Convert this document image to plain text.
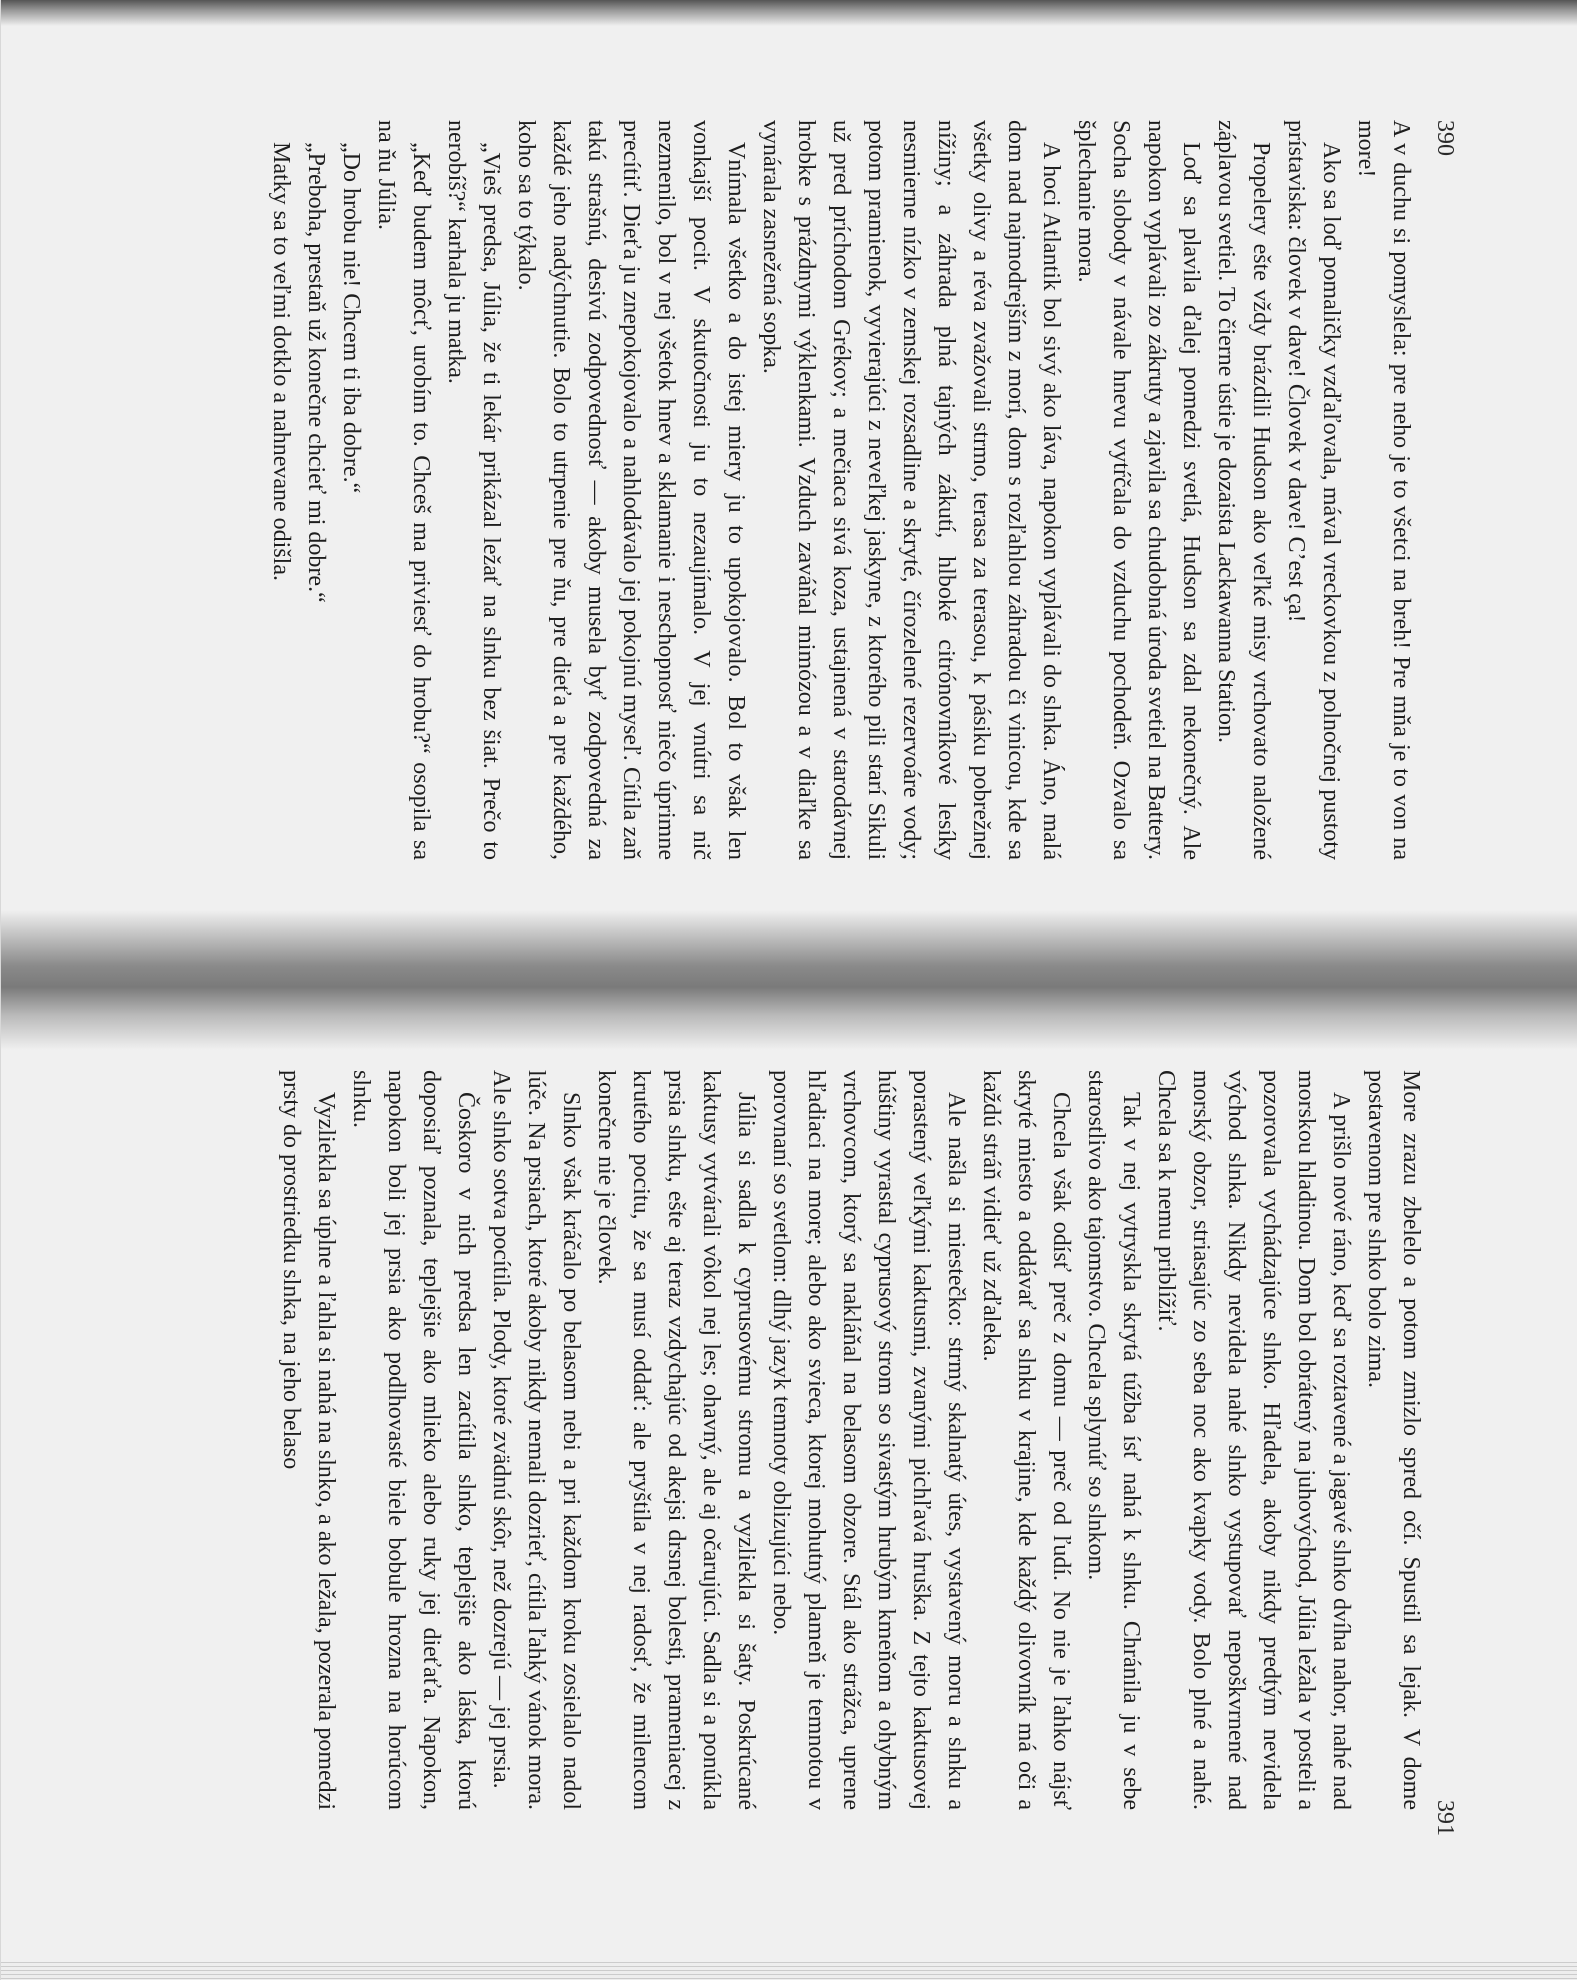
390

A v duchu si pomyslela: pre neho je to všetci na breh! Pre mňa je to von na more!

Ako sa loď pomaličky vzďaľovala, mával vreckovkou z polnočnej pustoty prístaviska: človek v dave! Človek v dave! C’est ça!

Propelery ešte vždy brázdili Hudson ako veľké misy vrchovato naložené záplavou svetiel. To čierne ústie je dozaista Lackawanna Station.

Loď sa plavila ďalej pomedzi svetlá, Hudson sa zdal nekonečný. Ale napokon vyplávali zo zákruty a zjavila sa chudobná úroda svetiel na Battery. Socha slobody v návale hnevu vytŕčala do vzduchu pochodeň. Ozvalo sa šplechanie mora.

A hoci Atlantik bol sivý ako láva, napokon vyplávali do slnka. Áno, malá dom nad najmodrejším z morí, dom s rozľahlou záhradou či vinicou, kde sa všetky olivy a réva zvažovali strmo, terasa za terasou, k pásiku pobrežnej nížiny; a záhrada plná tajných zákutí, hlboké citrónovníkové lesíky nesmierne nízko v zemskej rozsadline a skryté, čírozelené rezervoáre vody; potom pramienok, vyvierajúci z neveľkej jaskyne, z ktorého pili starí Sikuli už pred príchodom Grékov; a mečiaca sivá koza, ustajnená v starodávnej hrobke s prázdnymi výklenkami. Vzduch zaváňal mimózou a v diaľke sa vynárala zasnežená sopka.

Vnímala všetko a do istej miery ju to upokojovalo. Bol to však len vonkajší pocit. V skutočnosti ju to nezaujímalo. V jej vnútri sa nič nezmenilo, bol v nej všetok hnev a sklamanie i neschopnosť niečo úprimne precítiť. Dieťa ju znepokojovalo a nahlodávalo jej pokojnú myseľ. Cítila zaň takú strašnú, desivú zodpovednosť — akoby musela byť zodpovedná za každé jeho nadýchnutie. Bolo to utrpenie pre ňu, pre dieťa a pre každého, koho sa to týkalo.

„Vieš predsa, Júlia, že ti lekár prikázal ležať na slnku bez šiat. Prečo to nerobíš?“ karhala ju matka.

„Keď budem môcť, urobím to. Chceš ma priviesť do hrobu?“ osopila sa na ňu Júlia.

„Do hrobu nie! Chcem ti iba dobre.“

„Preboha, prestaň už konečne chcieť mi dobre.“

Matky sa to veľmi dotklo a nahnevane odišla.

391

More zrazu zbelelo a potom zmizlo spred očí. Spustil sa lejak. V dome postavenom pre slnko bolo zima.

A prišlo nové ráno, keď sa roztavené a jagavé slnko dvíha nahor, nahé nad morskou hladinou. Dom bol obrátený na juhovýchod, Júlia ležala v posteli a pozorovala vychádzajúce slnko. Hľadela, akoby nikdy predtým nevidela východ slnka. Nikdy nevidela nahé slnko vystupovať nepoškvrnené nad morský obzor, striasajúc zo seba noc ako kvapky vody. Bolo plné a nahé. Chcela sa k nemu priblížiť.

Tak v nej vytryskla skrytá túžba ísť nahá k slnku. Chránila ju v sebe starostlivo ako tajomstvo. Chcela splynúť so slnkom.

Chcela však odísť preč z domu — preč od ľudí. No nie je ľahko nájsť skryté miesto a oddávať sa slnku v krajine, kde každý olivovník má oči a každú stráň vidieť už zďaleka.

Ale našla si miestečko: strmý skalnatý útes, vystavený moru a slnku a porastený veľkými kaktusmi, zvanými pichľavá hruška. Z tejto kaktusovej húštiny vyrastal cyprusový strom so sivastým hrubým kmeňom a ohybným vrchovcom, ktorý sa nakláňal na belasom obzore. Stál ako strážca, uprene hľadiaci na more; alebo ako svieca, ktorej mohutný plameň je temnotou v porovnaní so svetlom: dlhý jazyk temnoty oblizujúci nebo.

Júlia si sadla k cyprusovému stromu a vyzliekla si šaty. Poskrúcané kaktusy vytvárali vôkol nej les; ohavný, ale aj očarujúci. Sadla si a ponúkla prsia slnku, ešte aj teraz vzdychajúc od akejsi drsnej bolesti, prameniacej z krutého pocitu, že sa musí oddať: ale pryštila v nej radosť, že milencom konečne nie je človek.

Slnko však kráčalo po belasom nebi a pri každom kroku zosielalo nadol lúče. Na prsiach, ktoré akoby nikdy nemali dozrieť, cítila ľahký vánok mora. Ale slnko sotva pocítila. Plody, ktoré zvädnú skôr, než dozrejú — jej prsia.

Čoskoro v nich predsa len zacítila slnko, teplejšie ako láska, ktorú doposiaľ poznala, teplejšie ako mlieko alebo ruky jej dieťaťa. Napokon, napokon boli jej prsia ako podlhovasté biele bobule hrozna na horúcom slnku.

Vyzliekla sa úplne a ľahla si nahá na slnko, a ako ležala, pozerala pomedzi prsty do prostriedku slnka, na jeho belaso
